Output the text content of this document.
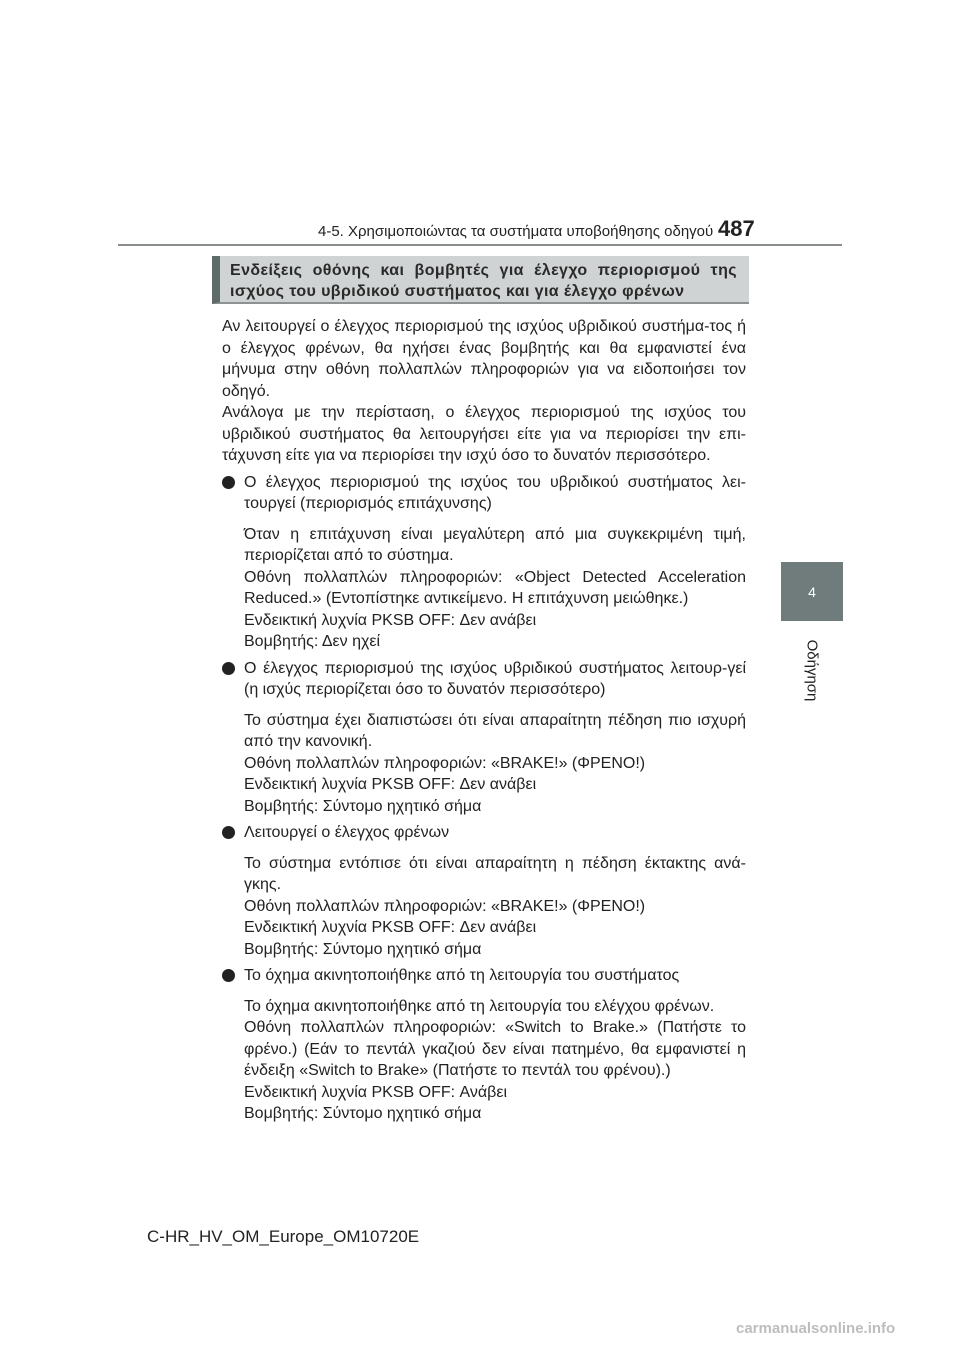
4-5. Χρησιμοποιώντας τα συστήματα υποβοήθησης οδηγού 487
4
Οδήγηση
Ενδείξεις οθόνης και βομβητές για έλεγχο περιορισμού της ισχύος του υβριδικού συστήματος και για έλεγχο φρένων

Αν λειτουργεί ο έλεγχος περιορισμού της ισχύος υβριδικού συστήμα-τος ή ο έλεγχος φρένων, θα ηχήσει ένας βομβητής και θα εμφανιστεί ένα μήνυμα στην οθόνη πολλαπλών πληροφοριών για να ειδοποιήσει τον οδηγό.

Ανάλογα με την περίσταση, ο έλεγχος περιορισμού της ισχύος του υβριδικού συστήματος θα λειτουργήσει είτε για να περιορίσει την επι-τάχυνση είτε για να περιορίσει την ισχύ όσο το δυνατόν περισσότερο.

Ο έλεγχος περιορισμού της ισχύος του υβριδικού συστήματος λει-τουργεί (περιορισμός επιτάχυνσης)

Όταν η επιτάχυνση είναι μεγαλύτερη από μια συγκεκριμένη τιμή, περιορίζεται από το σύστημα.

Οθόνη πολλαπλών πληροφοριών: «Object Detected Acceleration Reduced.» (Εντοπίστηκε αντικείμενο. Η επιτάχυνση μειώθηκε.)

Ενδεικτική λυχνία PKSB OFF: Δεν ανάβει

Βομβητής: Δεν ηχεί

Ο έλεγχος περιορισμού της ισχύος υβριδικού συστήματος λειτουρ-γεί (η ισχύς περιορίζεται όσο το δυνατόν περισσότερο)

Το σύστημα έχει διαπιστώσει ότι είναι απαραίτητη πέδηση πιο ισχυρή από την κανονική.

Οθόνη πολλαπλών πληροφοριών: «BRAKE!» (ΦΡΕΝΟ!)

Ενδεικτική λυχνία PKSB OFF: Δεν ανάβει

Βομβητής: Σύντομο ηχητικό σήμα

Λειτουργεί ο έλεγχος φρένων

Το σύστημα εντόπισε ότι είναι απαραίτητη η πέδηση έκτακτης ανά-γκης.

Οθόνη πολλαπλών πληροφοριών: «BRAKE!» (ΦΡΕΝΟ!)

Ενδεικτική λυχνία PKSB OFF: Δεν ανάβει

Βομβητής: Σύντομο ηχητικό σήμα

Το όχημα ακινητοποιήθηκε από τη λειτουργία του συστήματος

Το όχημα ακινητοποιήθηκε από τη λειτουργία του ελέγχου φρένων.

Οθόνη πολλαπλών πληροφοριών: «Switch to Brake.» (Πατήστε το φρένο.) (Εάν το πεντάλ γκαζιού δεν είναι πατημένο, θα εμφανιστεί η ένδειξη «Switch to Brake» (Πατήστε το πεντάλ του φρένου).)

Ενδεικτική λυχνία PKSB OFF: Ανάβει

Βομβητής: Σύντομο ηχητικό σήμα

C-HR_HV_OM_Europe_OM10720E
carmanualsonline.info
